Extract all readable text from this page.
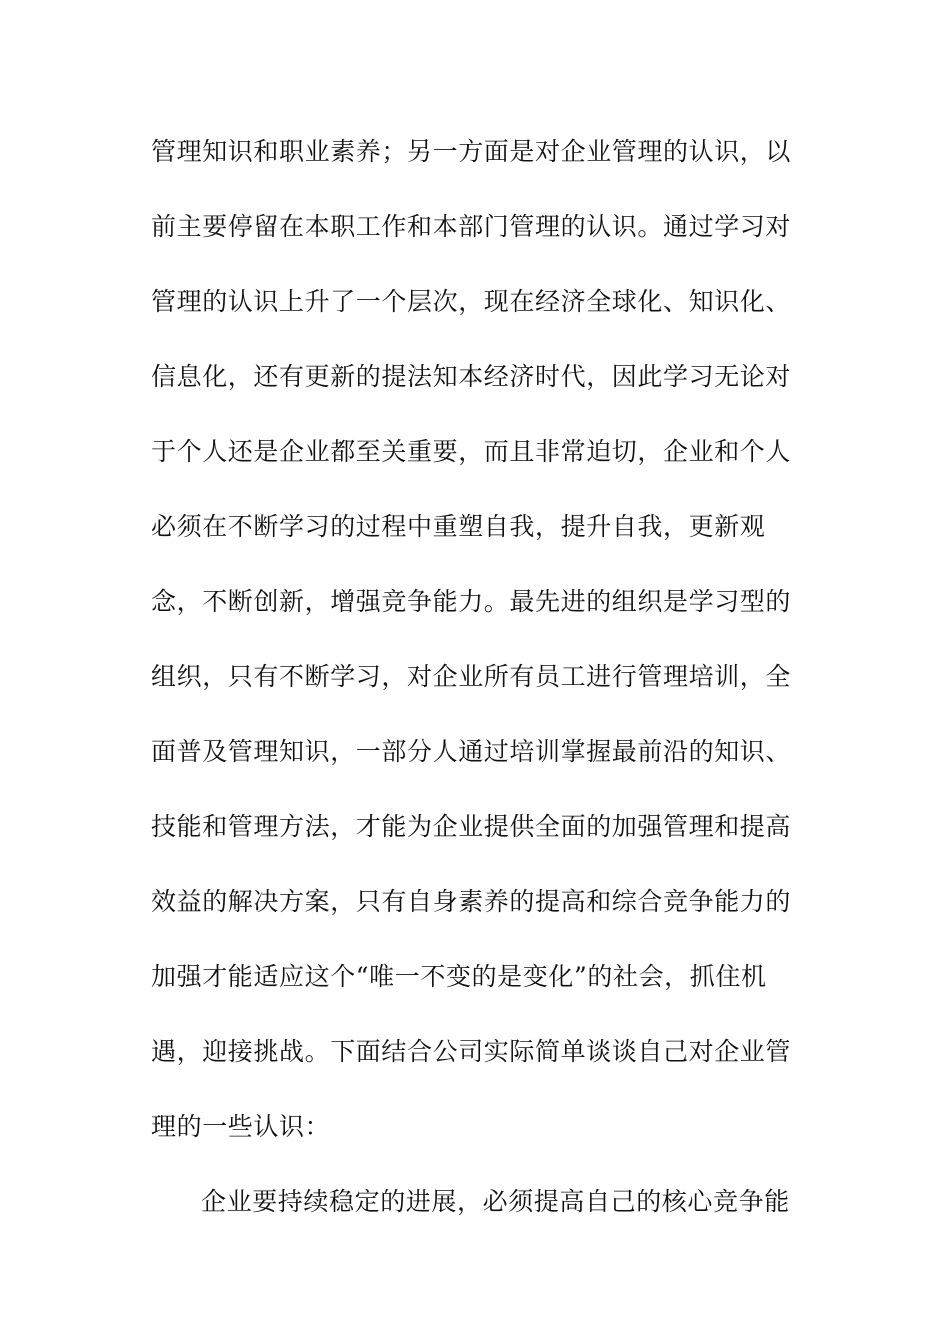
管理知识和职业素养；另一方面是对企业管理的认识，以
前主要停留在本职工作和本部门管理的认识。通过学习对
管理的认识上升了一个层次，现在经济全球化、知识化、
信息化，还有更新的提法知本经济时代，因此学习无论对
于个人还是企业都至关重要，而且非常迫切，企业和个人
必须在不断学习的过程中重塑自我，提升自我，更新观
念，不断创新，增强竞争能力。最先进的组织是学习型的
组织，只有不断学习，对企业所有员工进行管理培训，全
面普及管理知识，一部分人通过培训掌握最前沿的知识、
技能和管理方法，才能为企业提供全面的加强管理和提高
效益的解决方案，只有自身素养的提高和综合竞争能力的
加强才能适应这个“唯一不变的是变化”的社会，抓住机
遇，迎接挑战。下面结合公司实际简单谈谈自己对企业管
理的一些认识：
企业要持续稳定的进展，必须提高自己的核心竞争能
